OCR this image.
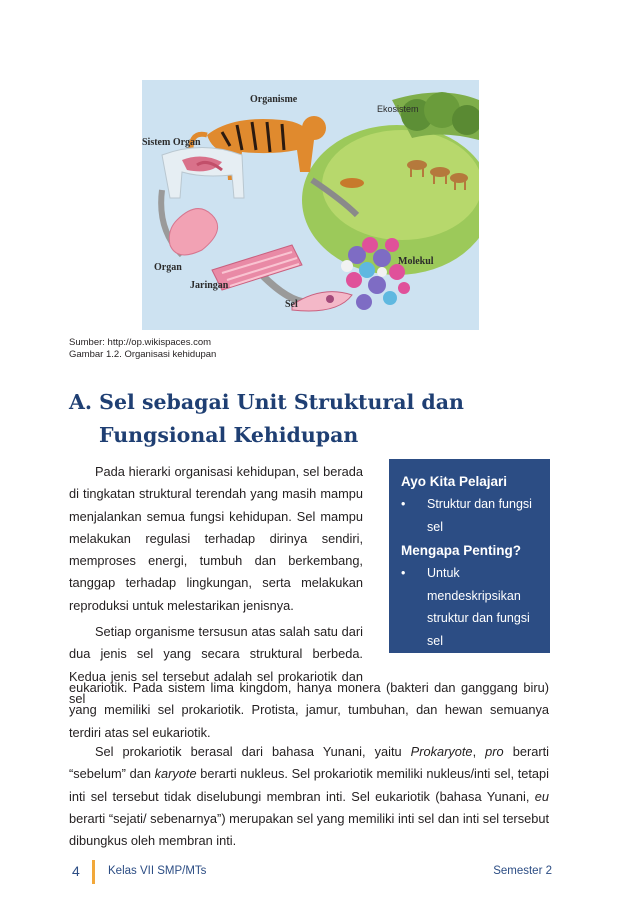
Ekosistem
Organisme
Sistem Organ
Organ
Jaringan
Sel
Molekul
Sumber: http://op.wikispaces.com
Gambar 1.2. Organisasi kehidupan
A. Sel sebagai Unit Struktural dan
Fungsional Kehidupan

Pada hierarki organisasi kehidupan, sel berada di tingkatan struktural terendah yang masih mampu menjalankan semua fungsi kehidupan. Sel mampu melakukan regulasi terhadap dirinya sendiri, memproses energi, tumbuh dan berkembang, tanggap terhadap lingkungan, serta melakukan reproduksi untuk melestarikan jenisnya.

Setiap organisme tersusun atas salah satu dari dua jenis sel yang secara struktural berbeda. Kedua jenis sel tersebut adalah sel prokariotik dan sel

eukariotik. Pada sistem lima kingdom, hanya monera (bakteri dan ganggang biru) yang memiliki sel prokariotik. Protista, jamur, tumbuhan, dan hewan semuanya terdiri atas sel eukariotik.

Sel prokariotik berasal dari bahasa Yunani, yaitu Prokaryote, pro berarti “sebelum” dan karyote berarti nukleus. Sel prokariotik memiliki nukleus/inti sel, tetapi inti sel tersebut tidak diselubungi membran inti. Sel eukariotik (bahasa Yunani, eu berarti “sejati/ sebenarnya”) merupakan sel yang memiliki inti sel dan inti sel tersebut dibungkus oleh membran inti.

Ayo Kita Pelajari
• Struktur dan fungsi sel
Mengapa Penting?
• Untuk mendeskripsikan struktur dan fungsi sel
4 Kelas VII SMP/MTs	Semester 2
